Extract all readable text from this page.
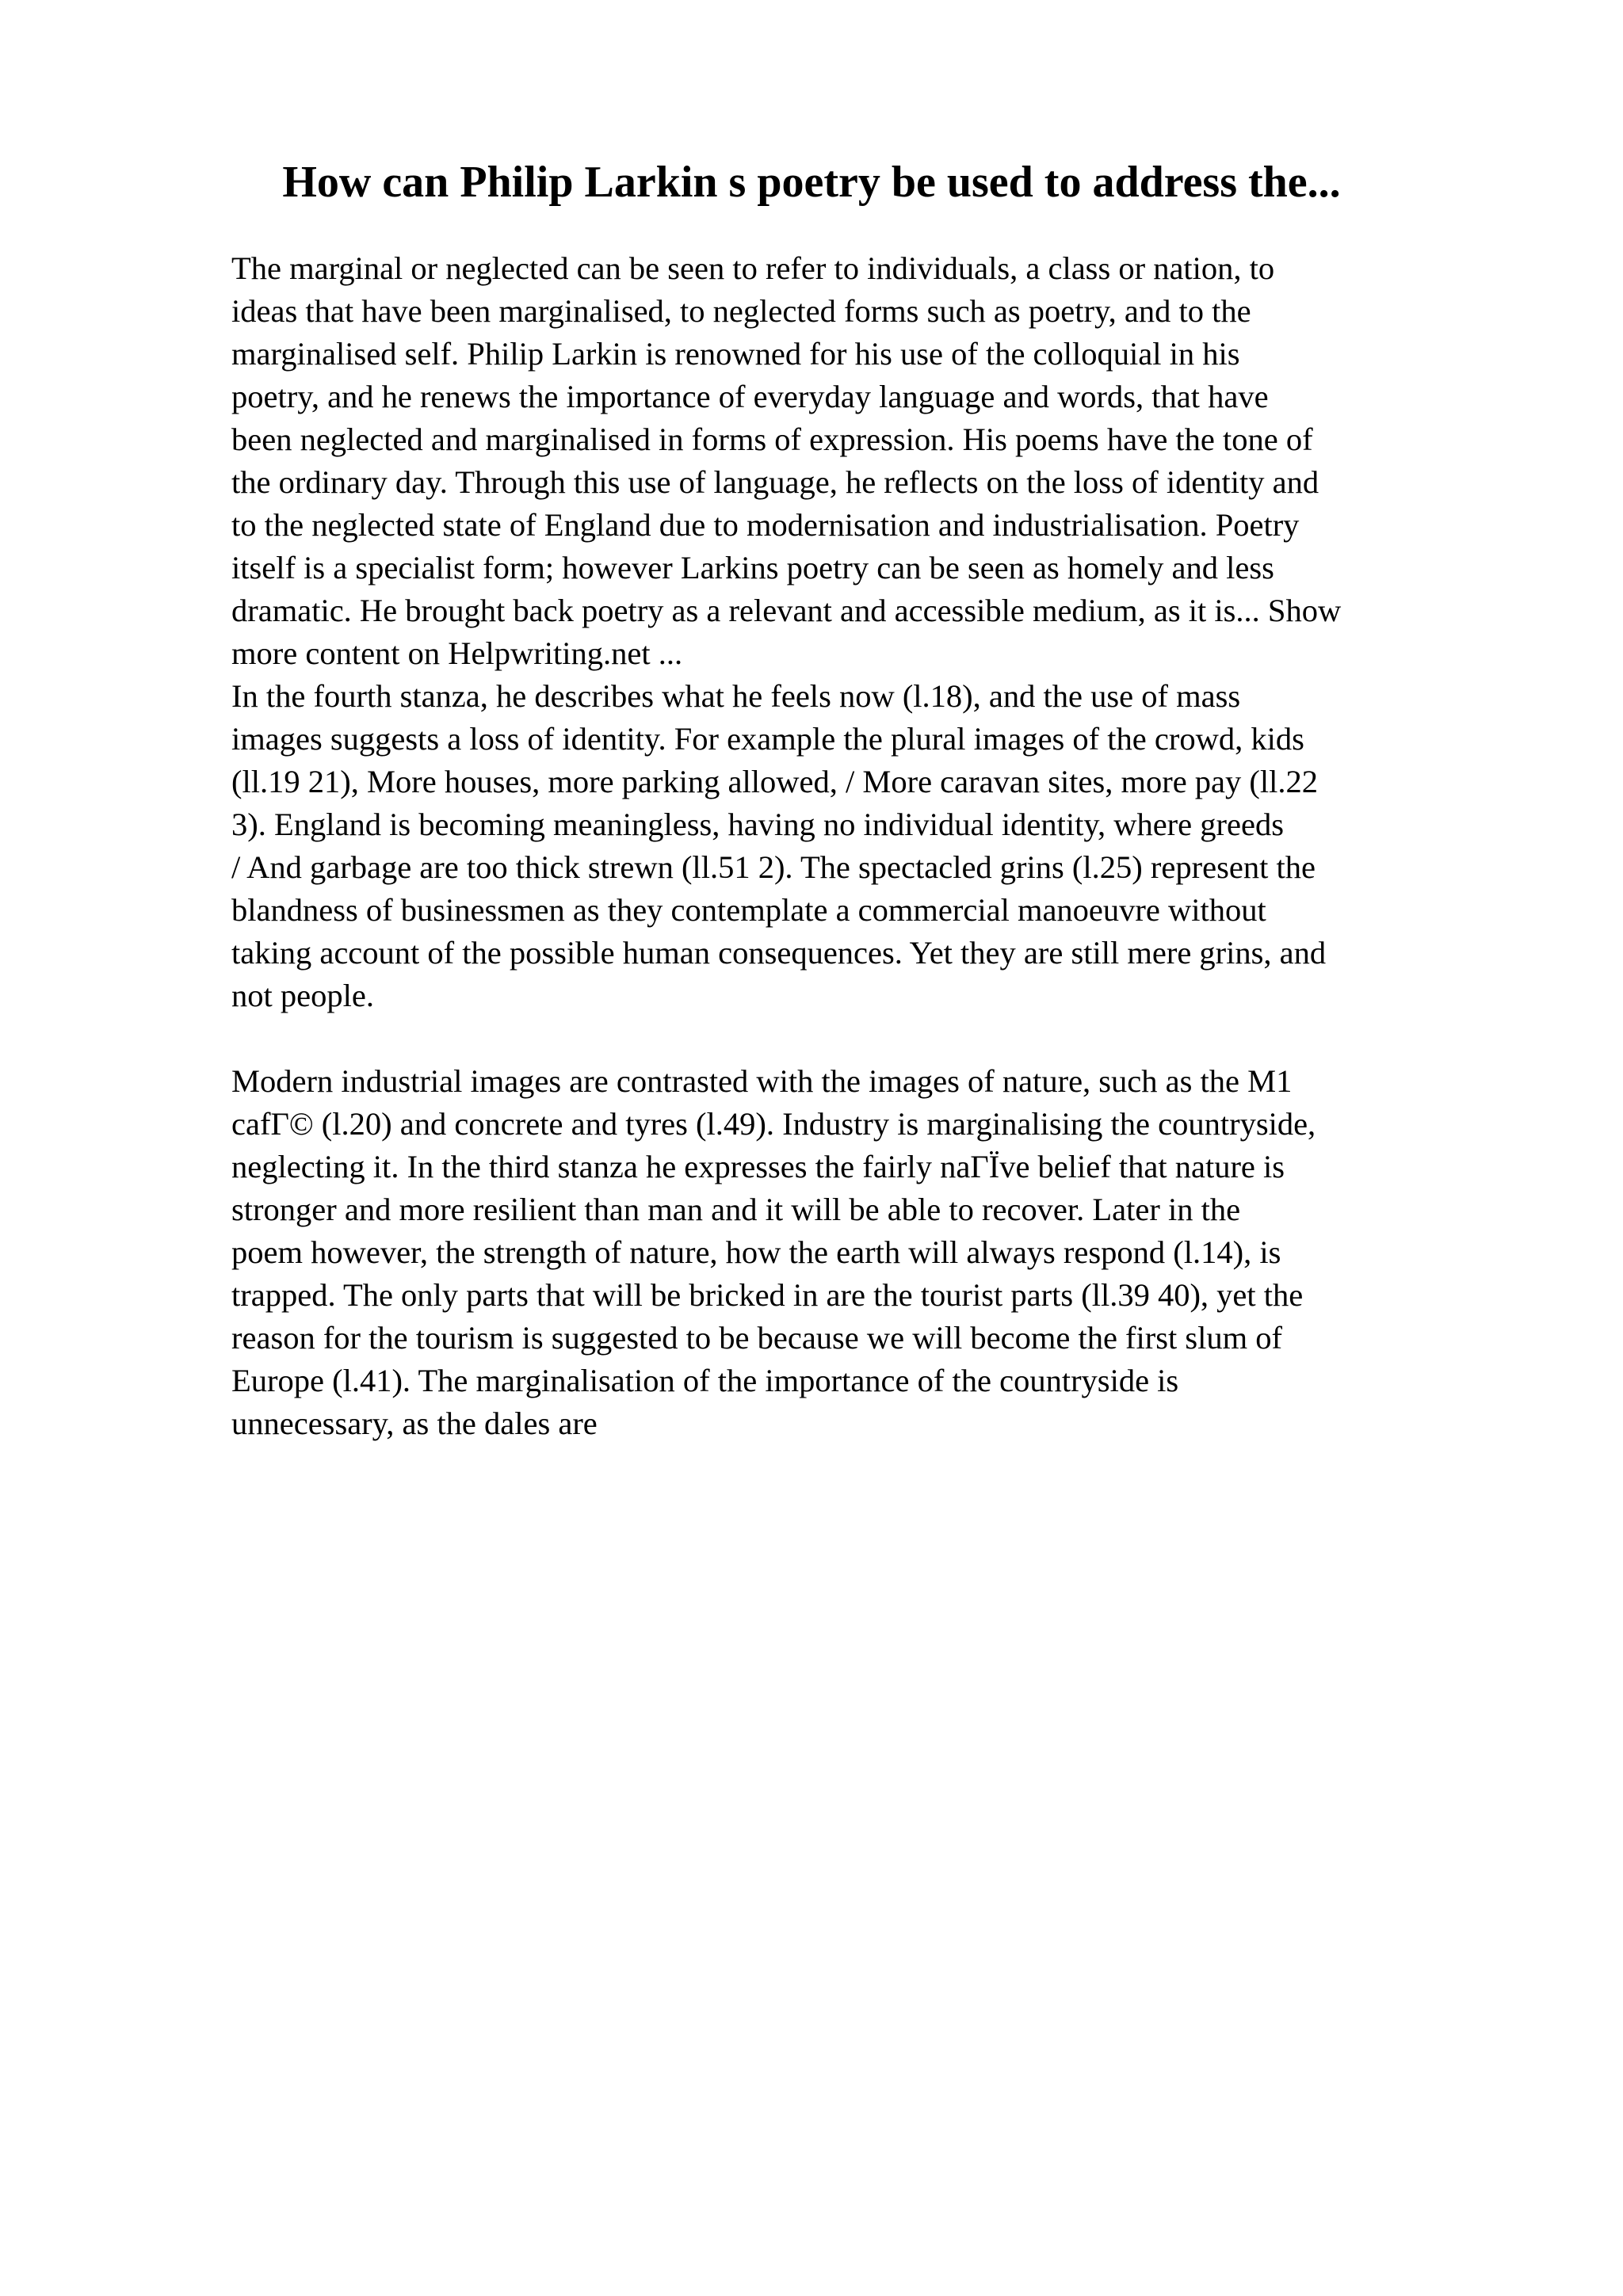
How can Philip Larkin s poetry be used to address the...
The marginal or neglected can be seen to refer to individuals, a class or nation, to
ideas that have been marginalised, to neglected forms such as poetry, and to the
marginalised self. Philip Larkin is renowned for his use of the colloquial in his
poetry, and he renews the importance of everyday language and words, that have
been neglected and marginalised in forms of expression. His poems have the tone of
the ordinary day. Through this use of language, he reflects on the loss of identity and
to the neglected state of England due to modernisation and industrialisation. Poetry
itself is a specialist form; however Larkins poetry can be seen as homely and less
dramatic. He brought back poetry as a relevant and accessible medium, as it is... Show
more content on Helpwriting.net ...
In the fourth stanza, he describes what he feels now (l.18), and the use of mass
images suggests a loss of identity. For example the plural images of the crowd, kids
(ll.19 21), More houses, more parking allowed, / More caravan sites, more pay (ll.22
3). England is becoming meaningless, having no individual identity, where greeds
/ And garbage are too thick strewn (ll.51 2). The spectacled grins (l.25) represent the
blandness of businessmen as they contemplate a commercial manoeuvre without
taking account of the possible human consequences. Yet they are still mere grins, and
not people.
Modern industrial images are contrasted with the images of nature, such as the M1
cafГ© (l.20) and concrete and tyres (l.49). Industry is marginalising the countryside,
neglecting it. In the third stanza he expresses the fairly naГЇve belief that nature is
stronger and more resilient than man and it will be able to recover. Later in the
poem however, the strength of nature, how the earth will always respond (l.14), is
trapped. The only parts that will be bricked in are the tourist parts (ll.39 40), yet the
reason for the tourism is suggested to be because we will become the first slum of
Europe (l.41). The marginalisation of the importance of the countryside is
unnecessary, as the dales are
